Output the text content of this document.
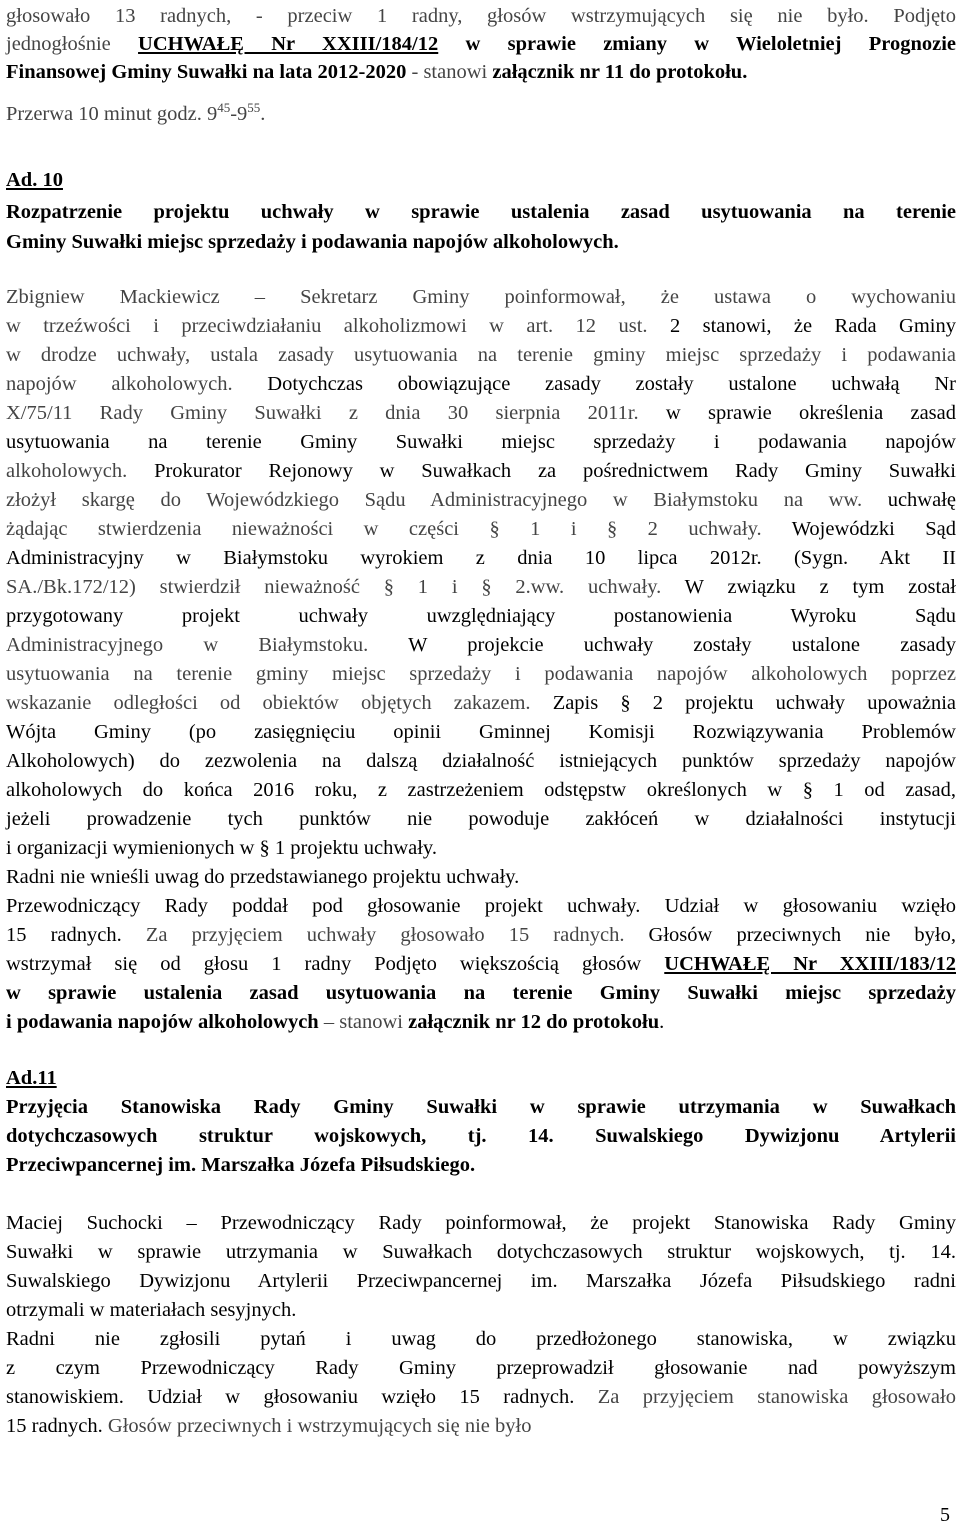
głosowało 13 radnych, - przeciw 1 radny, głosów wstrzymujących się nie było. Podjęto
jednogłośnie UCHWAŁĘ Nr XXIII/184/12 w sprawie zmiany w Wieloletniej Prognozie
Finansowej Gminy Suwałki na lata 2012-2020 - stanowi załącznik nr 11 do protokołu.
Przerwa 10 minut godz. $9^{45}-9^{55}$.
Ad. 10
Rozpatrzenie projektu uchwały w sprawie ustalenia zasad usytuowania na terenie
Gminy Suwałki miejsc sprzedaży i podawania napojów alkoholowych.
Zbigniew Mackiewicz – Sekretarz Gminy poinformował, że ustawa o wychowaniu
w trzeźwości i przeciwdziałaniu alkoholizmowi w art. 12 ust. 2 stanowi, że Rada Gminy
w drodze uchwały, ustala zasady usytuowania na terenie gminy miejsc sprzedaży i podawania
napojów alkoholowych. Dotychczas obowiązujące zasady zostały ustalone uchwałą Nr
X/75/11 Rady Gminy Suwałki z dnia 30 sierpnia 2011r. w sprawie określenia zasad
usytuowania na terenie Gminy Suwałki miejsc sprzedaży i podawania napojów
alkoholowych. Prokurator Rejonowy w Suwałkach za pośrednictwem Rady Gminy Suwałki
złożył skargę do Wojewódzkiego Sądu Administracyjnego w Białymstoku na ww. uchwałę
żądając stwierdzenia nieważności w części § 1 i § 2 uchwały. Wojewódzki Sąd
Administracyjny w Białymstoku wyrokiem z dnia 10 lipca 2012r. (Sygn. Akt II
SA./Bk.172/12) stwierdził nieważność § 1 i § 2.ww. uchwały. W związku z tym został
przygotowany projekt uchwały uwzględniający postanowienia Wyroku Sądu
Administracyjnego w Białymstoku. W projekcie uchwały zostały ustalone zasady
usytuowania na terenie gminy miejsc sprzedaży i podawania napojów alkoholowych poprzez
wskazanie odległości od obiektów objętych zakazem. Zapis § 2 projektu uchwały upoważnia
Wójta Gminy (po zasięgnięciu opinii Gminnej Komisji Rozwiązywania Problemów
Alkoholowych) do zezwolenia na dalszą działalność istniejących punktów sprzedaży napojów
alkoholowych do końca 2016 roku, z zastrzeżeniem odstępstw określonych w § 1 od zasad,
jeżeli prowadzenie tych punktów nie powoduje zakłóceń w działalności instytucji
i organizacji wymienionych w § 1 projektu uchwały.
Radni nie wnieśli uwag do przedstawianego projektu uchwały.
Przewodniczący Rady poddał pod głosowanie projekt uchwały. Udział w głosowaniu wzięło
15 radnych. Za przyjęciem uchwały głosowało 15 radnych. Głosów przeciwnych nie było,
wstrzymał się od głosu 1 radny Podjęto większością głosów UCHWAŁĘ Nr XXIII/183/12
w sprawie ustalenia zasad usytuowania na terenie Gminy Suwałki miejsc sprzedaży
i podawania napojów alkoholowych – stanowi załącznik nr 12 do protokołu.
Ad.11
Przyjęcia Stanowiska Rady Gminy Suwałki w sprawie utrzymania w Suwałkach
dotychczasowych struktur wojskowych, tj. 14. Suwalskiego Dywizjonu Artylerii
Przeciwpancernej im. Marszałka Józefa Piłsudskiego.
Maciej Suchocki – Przewodniczący Rady poinformował, że projekt Stanowiska Rady Gminy
Suwałki w sprawie utrzymania w Suwałkach dotychczasowych struktur wojskowych, tj. 14.
Suwalskiego Dywizjonu Artylerii Przeciwpancernej im. Marszałka Józefa Piłsudskiego radni
otrzymali w materiałach sesyjnych.
Radni nie zgłosili pytań i uwag do przedłożonego stanowiska, w związku
z czym Przewodniczący Rady Gminy przeprowadził głosowanie nad powyższym
stanowiskiem. Udział w głosowaniu wzięło 15 radnych. Za przyjęciem stanowiska głosowało
15 radnych. Głosów przeciwnych i wstrzymujących się nie było
5
